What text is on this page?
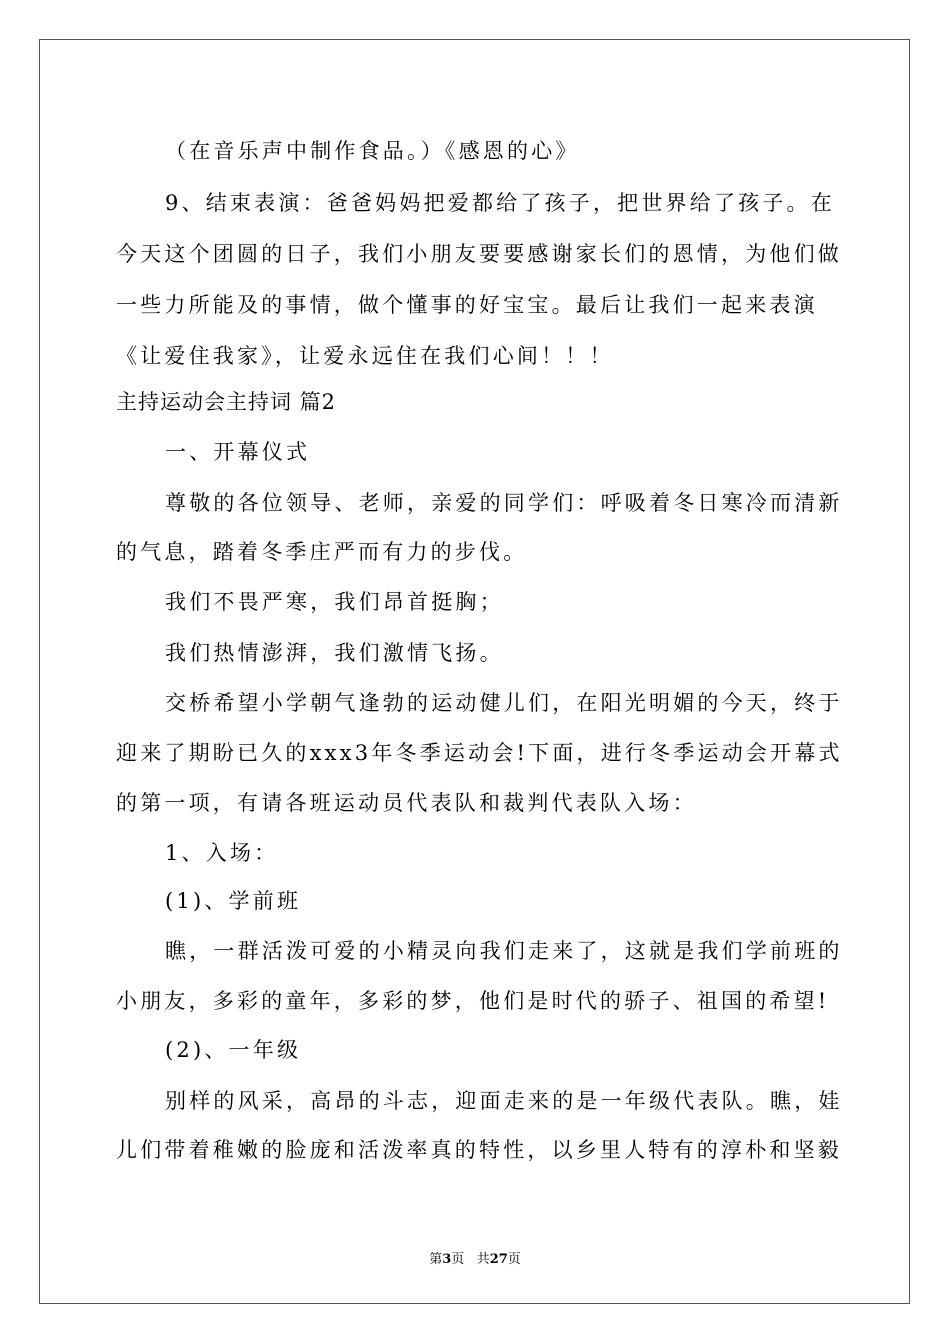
（在音乐声中制作食品。）《感恩的心》
9、结束表演：爸爸妈妈把爱都给了孩子，把世界给了孩子。在
今天这个团圆的日子，我们小朋友要要感谢家长们的恩情，为他们做
一些力所能及的事情，做个懂事的好宝宝。最后让我们一起来表演
《让爱住我家》，让爱永远住在我们心间！！！
主持运动会主持词 篇2
一、开幕仪式
尊敬的各位领导、老师，亲爱的同学们：呼吸着冬日寒冷而清新
的气息，踏着冬季庄严而有力的步伐。
我们不畏严寒，我们昂首挺胸；
我们热情澎湃，我们激情飞扬。
交桥希望小学朝气逢勃的运动健儿们，在阳光明媚的今天，终于
迎来了期盼已久的xxx3年冬季运动会!下面，进行冬季运动会开幕式
的第一项，有请各班运动员代表队和裁判代表队入场：
1、入场：
(1)、学前班
瞧，一群活泼可爱的小精灵向我们走来了，这就是我们学前班的
小朋友，多彩的童年，多彩的梦，他们是时代的骄子、祖国的希望!
(2)、一年级
别样的风采，高昂的斗志，迎面走来的是一年级代表队。瞧，娃
儿们带着稚嫩的脸庞和活泼率真的特性，以乡里人特有的淳朴和坚毅
第3页 共27页
